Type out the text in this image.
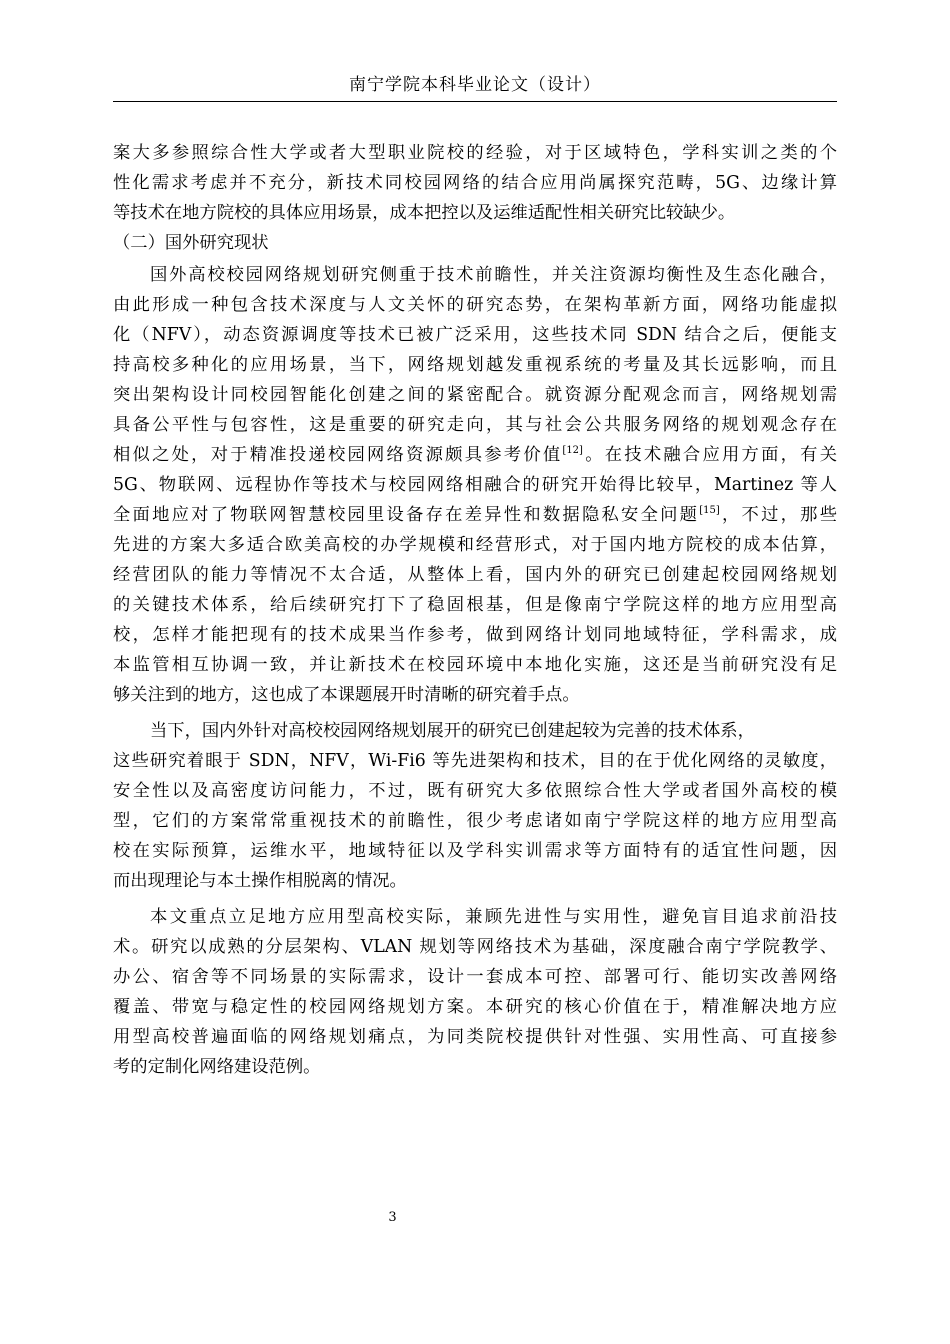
南宁学院本科毕业论文（设计）
案大多参照综合性大学或者大型职业院校的经验，对于区域特色，学科实训之类的个
性化需求考虑并不充分，新技术同校园网络的结合应用尚属探究范畴，5G、边缘计算
等技术在地方院校的具体应用场景，成本把控以及运维适配性相关研究比较缺少。
（二）国外研究现状
国外高校校园网络规划研究侧重于技术前瞻性，并关注资源均衡性及生态化融合，
由此形成一种包含技术深度与人文关怀的研究态势，在架构革新方面，网络功能虚拟
化（NFV），动态资源调度等技术已被广泛采用，这些技术同 SDN 结合之后，便能支
持高校多种化的应用场景，当下，网络规划越发重视系统的考量及其长远影响，而且
突出架构设计同校园智能化创建之间的紧密配合。就资源分配观念而言，网络规划需
具备公平性与包容性，这是重要的研究走向，其与社会公共服务网络的规划观念存在
相似之处，对于精准投递校园网络资源颇具参考价值[12]。在技术融合应用方面，有关
5G、物联网、远程协作等技术与校园网络相融合的研究开始得比较早，Martinez 等人
全面地应对了物联网智慧校园里设备存在差异性和数据隐私安全问题[15]，不过，那些
先进的方案大多适合欧美高校的办学规模和经营形式，对于国内地方院校的成本估算，
经营团队的能力等情况不太合适，从整体上看，国内外的研究已创建起校园网络规划
的关键技术体系，给后续研究打下了稳固根基，但是像南宁学院这样的地方应用型高
校，怎样才能把现有的技术成果当作参考，做到网络计划同地域特征，学科需求，成
本监管相互协调一致，并让新技术在校园环境中本地化实施，这还是当前研究没有足
够关注到的地方，这也成了本课题展开时清晰的研究着手点。
当下，国内外针对高校校园网络规划展开的研究已创建起较为完善的技术体系，
这些研究着眼于 SDN，NFV，Wi-Fi6 等先进架构和技术，目的在于优化网络的灵敏度，
安全性以及高密度访问能力，不过，既有研究大多依照综合性大学或者国外高校的模
型，它们的方案常常重视技术的前瞻性，很少考虑诸如南宁学院这样的地方应用型高
校在实际预算，运维水平，地域特征以及学科实训需求等方面特有的适宜性问题，因
而出现理论与本土操作相脱离的情况。
本文重点立足地方应用型高校实际，兼顾先进性与实用性，避免盲目追求前沿技
术。研究以成熟的分层架构、VLAN 规划等网络技术为基础，深度融合南宁学院教学、
办公、宿舍等不同场景的实际需求，设计一套成本可控、部署可行、能切实改善网络
覆盖、带宽与稳定性的校园网络规划方案。本研究的核心价值在于，精准解决地方应
用型高校普遍面临的网络规划痛点，为同类院校提供针对性强、实用性高、可直接参
考的定制化网络建设范例。
3
